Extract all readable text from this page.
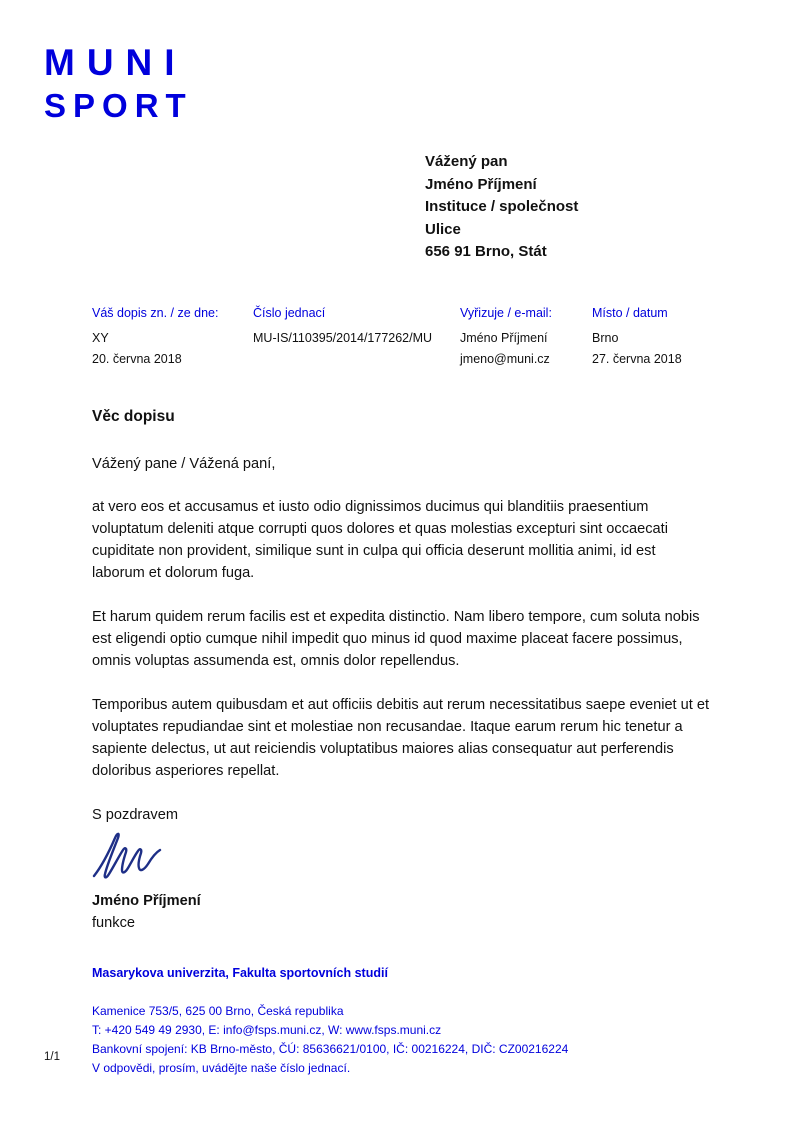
MUNI
SPORT
Vážený pan
Jméno Příjmení
Instituce / společnost
Ulice
656 91 Brno, Stát
Váš dopis zn. / ze dne:
XY
20. června 2018
Číslo jednací
MU-IS/110395/2014/177262/MU
Vyřizuje / e-mail:
Jméno Příjmení
jmeno@muni.cz
Místo / datum
Brno
27. června 2018
Věc dopisu
Vážený pane / Vážená paní,

at vero eos et accusamus et iusto odio dignissimos ducimus qui blanditiis praesentium voluptatum deleniti atque corrupti quos dolores et quas molestias excepturi sint occaecati cupiditate non provident, similique sunt in culpa qui officia deserunt mollitia animi, id est laborum et dolorum fuga.

Et harum quidem rerum facilis est et expedita distinctio. Nam libero tempore, cum soluta nobis est eligendi optio cumque nihil impedit quo minus id quod maxime placeat facere possimus, omnis voluptas assumenda est, omnis dolor repellendus.

Temporibus autem quibusdam et aut officiis debitis aut rerum necessitatibus saepe eveniet ut et voluptates repudiandae sint et molestiae non recusandae. Itaque earum rerum hic tenetur a sapiente delectus, ut aut reiciendis voluptatibus maiores alias consequatur aut perferendis doloribus asperiores repellat.

S pozdravem
Jméno Příjmení
funkce
Masarykova univerzita, Fakulta sportovních studií
Kamenice 753/5, 625 00 Brno, Česká republika
T: +420 549 49 2930, E: info@fsps.muni.cz, W: www.fsps.muni.cz
Bankovní spojení: KB Brno-město, ČÚ: 85636621/0100, IČ: 00216224, DIČ: CZ00216224
V odpovědi, prosím, uvádějte naše číslo jednací.
1/1
